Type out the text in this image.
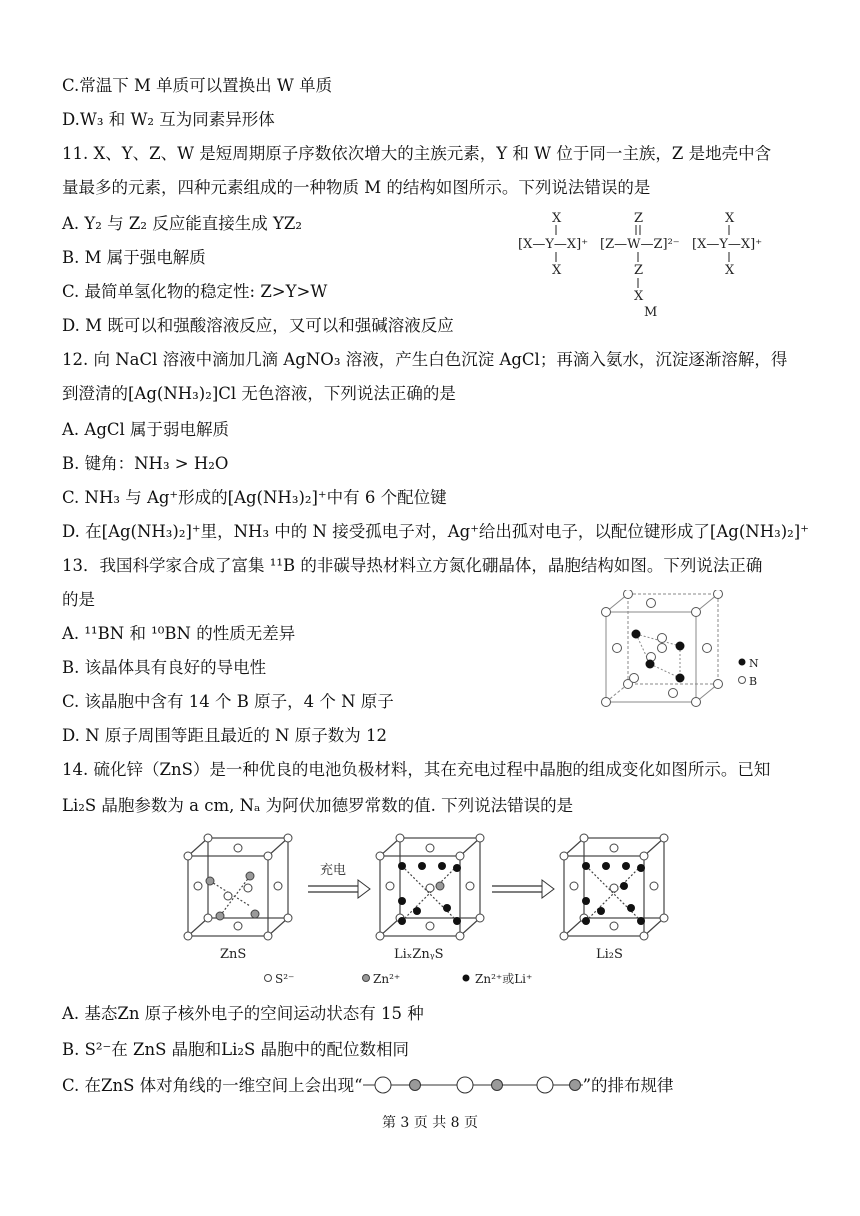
C.常温下 M 单质可以置换出 W 单质
D.W₃ 和 W₂ 互为同素异形体
11. X、Y、Z、W 是短周期原子序数依次增大的主族元素，Y 和 W 位于同一主族，Z 是地壳中含
量最多的元素，四种元素组成的一种物质 M 的结构如图所示。下列说法错误的是
A. Y₂ 与 Z₂ 反应能直接生成 YZ₂
B. M 属于强电解质
C. 最简单氢化物的稳定性: Z>Y>W
D. M 既可以和强酸溶液反应，又可以和强碱溶液反应
X
[X—Y—X]⁺
X
Z
[Z—W—Z]²⁻
Z
X
M
X
[X—Y—X]⁺
X
12. 向 NaCl 溶液中滴加几滴 AgNO₃ 溶液，产生白色沉淀 AgCl；再滴入氨水，沉淀逐渐溶解，得
到澄清的[Ag(NH₃)₂]Cl 无色溶液，下列说法正确的是
A. AgCl 属于弱电解质
B. 键角：NH₃ > H₂O
C. NH₃ 与 Ag⁺形成的[Ag(NH₃)₂]⁺中有 6 个配位键
D. 在[Ag(NH₃)₂]⁺里，NH₃ 中的 N 接受孤电子对，Ag⁺给出孤对电子，以配位键形成了[Ag(NH₃)₂]⁺
13．我国科学家合成了富集 ¹¹B 的非碳导热材料立方氮化硼晶体，晶胞结构如图。下列说法正确
的是
A. ¹¹BN 和 ¹⁰BN 的性质无差异
B. 该晶体具有良好的导电性
C. 该晶胞中含有 14 个 B 原子，4 个 N 原子
D. N 原子周围等距且最近的 N 原子数为 12
N
B
14. 硫化锌（ZnS）是一种优良的电池负极材料，其在充电过程中晶胞的组成变化如图所示。已知
Li₂S 晶胞参数为 a cm, Nₐ 为阿伏加德罗常数的值. 下列说法错误的是
ZnS
充电
LiₓZnᵧS	Li₂S
S²⁻	Zn²⁺	Zn²⁺或Li⁺
A. 基态Zn 原子核外电子的空间运动状态有 15 种
B. S²⁻在 ZnS 晶胞和Li₂S 晶胞中的配位数相同
C. 在ZnS 体对角线的一维空间上会出现“	”的排布规律
第 3 页 共 8 页
